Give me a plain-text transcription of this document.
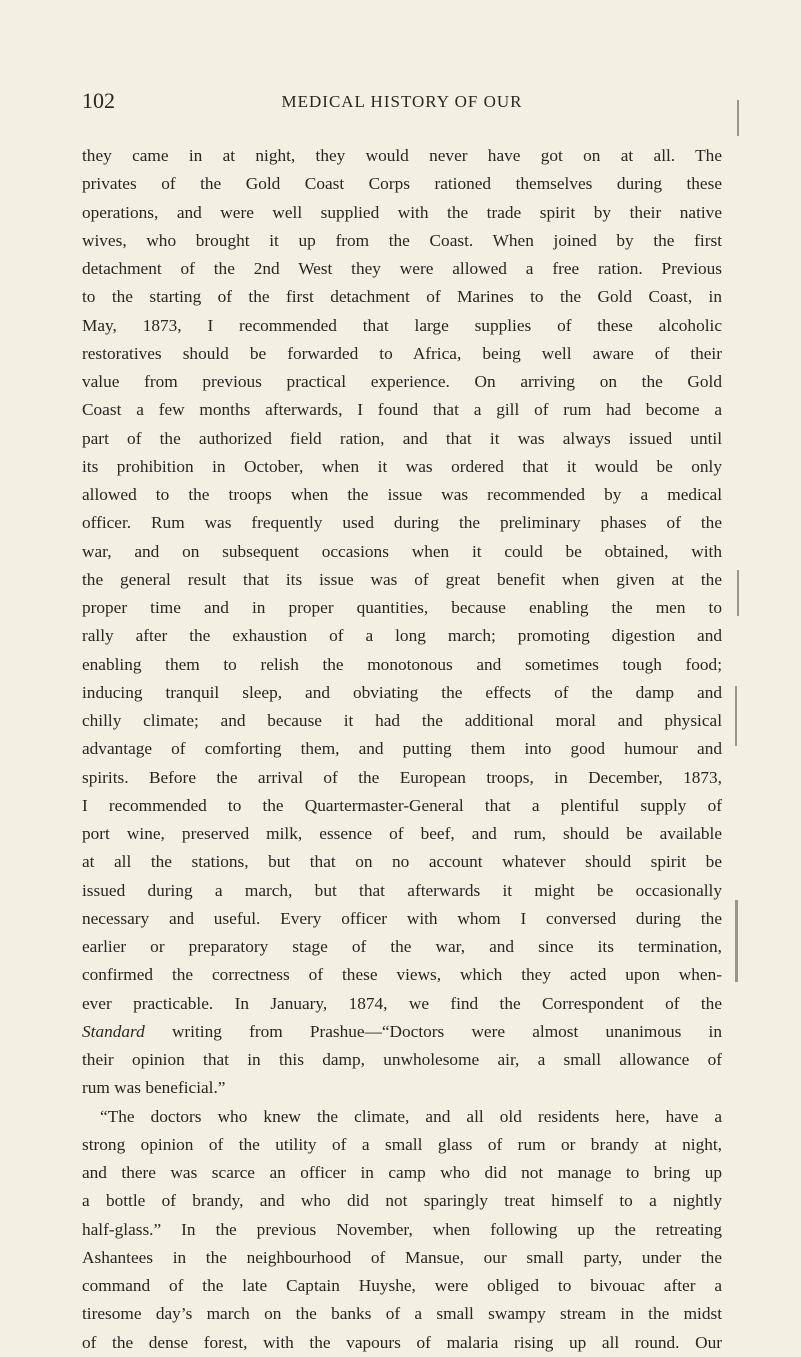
102	MEDICAL HISTORY OF OUR
they came in at night, they would never have got on at all. The
privates of the Gold Coast Corps rationed themselves during these
operations, and were well supplied with the trade spirit by their native
wives, who brought it up from the Coast. When joined by the first
detachment of the 2nd West they were allowed a free ration. Previous
to the starting of the first detachment of Marines to the Gold Coast, in
May, 1873, I recommended that large supplies of these alcoholic
restoratives should be forwarded to Africa, being well aware of their
value from previous practical experience. On arriving on the Gold
Coast a few months afterwards, I found that a gill of rum had become a
part of the authorized field ration, and that it was always issued until
its prohibition in October, when it was ordered that it would be only
allowed to the troops when the issue was recommended by a medical
officer. Rum was frequently used during the preliminary phases of the
war, and on subsequent occasions when it could be obtained, with
the general result that its issue was of great benefit when given at the
proper time and in proper quantities, because enabling the men to
rally after the exhaustion of a long march; promoting digestion and
enabling them to relish the monotonous and sometimes tough food;
inducing tranquil sleep, and obviating the effects of the damp and
chilly climate; and because it had the additional moral and physical
advantage of comforting them, and putting them into good humour and
spirits. Before the arrival of the European troops, in December, 1873,
I recommended to the Quartermaster-General that a plentiful supply of
port wine, preserved milk, essence of beef, and rum, should be available
at all the stations, but that on no account whatever should spirit be
issued during a march, but that afterwards it might be occasionally
necessary and useful. Every officer with whom I conversed during the
earlier or preparatory stage of the war, and since its termination,
confirmed the correctness of these views, which they acted upon when-
ever practicable. In January, 1874, we find the Correspondent of the
Standard writing from Prashue—“Doctors were almost unanimous in
their opinion that in this damp, unwholesome air, a small allowance of
rum was beneficial.”
“The doctors who knew the climate, and all old residents here, have a
strong opinion of the utility of a small glass of rum or brandy at night,
and there was scarce an officer in camp who did not manage to bring up
a bottle of brandy, and who did not sparingly treat himself to a nightly
half-glass.” In the previous November, when following up the retreating
Ashantees in the neighbourhood of Mansue, our small party, under the
command of the late Captain Huyshe, were obliged to bivouac after a
tiresome day’s march on the banks of a small swampy stream in the midst
of the dense forest, with the vapours of malaria rising up all round. Our
